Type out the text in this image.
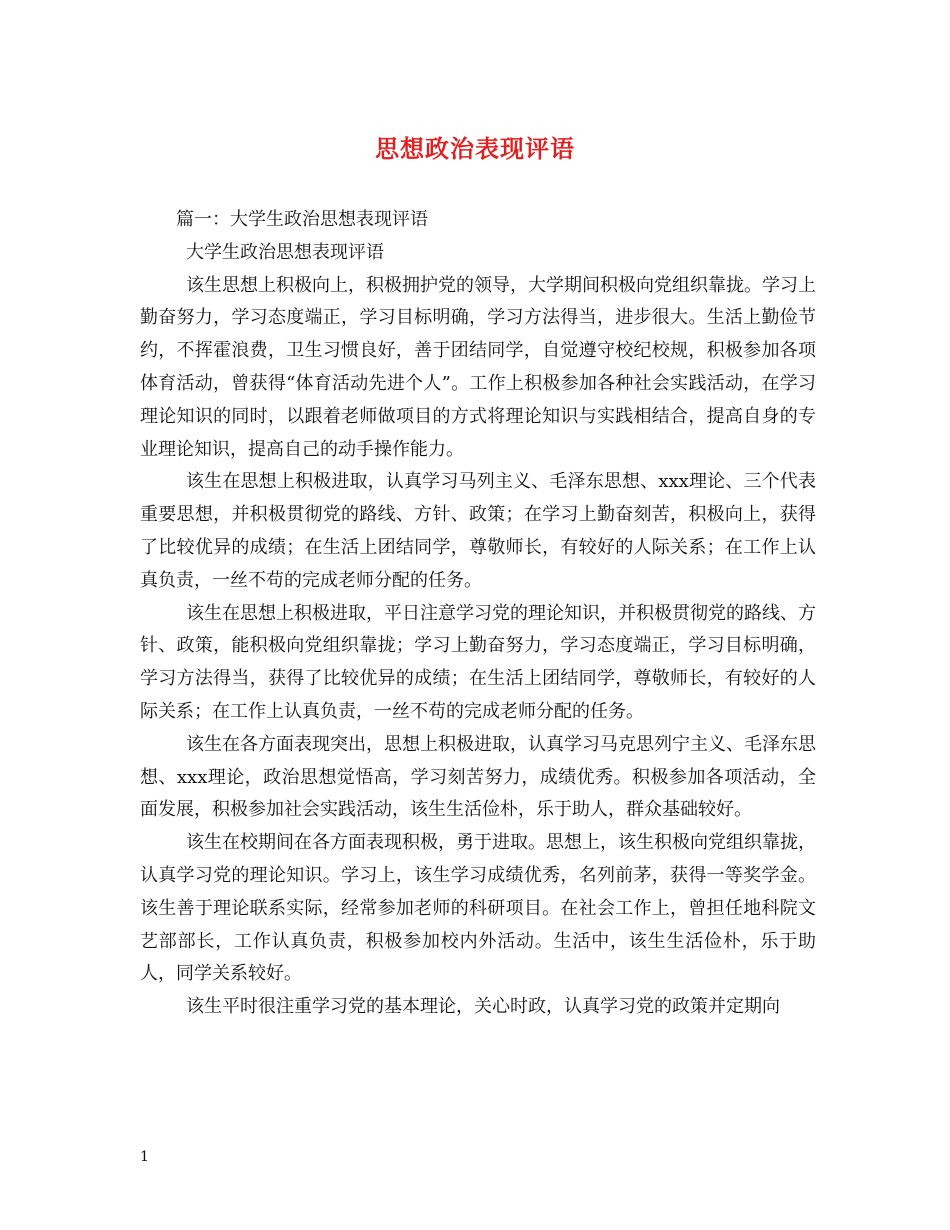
思想政治表现评语

篇一：大学生政治思想表现评语

大学生政治思想表现评语

该生思想上积极向上，积极拥护党的领导，大学期间积极向党组织靠拢。学习上勤奋努力，学习态度端正，学习目标明确，学习方法得当，进步很大。生活上勤俭节约，不挥霍浪费，卫生习惯良好，善于团结同学，自觉遵守校纪校规，积极参加各项体育活动，曾获得“体育活动先进个人”。工作上积极参加各种社会实践活动，在学习理论知识的同时，以跟着老师做项目的方式将理论知识与实践相结合，提高自身的专业理论知识，提高自己的动手操作能力。

该生在思想上积极进取，认真学习马列主义、毛泽东思想、xxx理论、三个代表重要思想，并积极贯彻党的路线、方针、政策；在学习上勤奋刻苦，积极向上，获得了比较优异的成绩；在生活上团结同学，尊敬师长，有较好的人际关系；在工作上认真负责，一丝不苟的完成老师分配的任务。

该生在思想上积极进取，平日注意学习党的理论知识，并积极贯彻党的路线、方针、政策，能积极向党组织靠拢；学习上勤奋努力，学习态度端正，学习目标明确，学习方法得当，获得了比较优异的成绩；在生活上团结同学，尊敬师长，有较好的人际关系；在工作上认真负责，一丝不苟的完成老师分配的任务。

该生在各方面表现突出，思想上积极进取，认真学习马克思列宁主义、毛泽东思想、xxx理论，政治思想觉悟高，学习刻苦努力，成绩优秀。积极参加各项活动，全面发展，积极参加社会实践活动，该生生活俭朴，乐于助人，群众基础较好。

该生在校期间在各方面表现积极，勇于进取。思想上，该生积极向党组织靠拢，认真学习党的理论知识。学习上，该生学习成绩优秀，名列前茅，获得一等奖学金。该生善于理论联系实际，经常参加老师的科研项目。在社会工作上，曾担任地科院文艺部部长，工作认真负责，积极参加校内外活动。生活中，该生生活俭朴，乐于助人，同学关系较好。

该生平时很注重学习党的基本理论，关心时政，认真学习党的政策并定期向

1
